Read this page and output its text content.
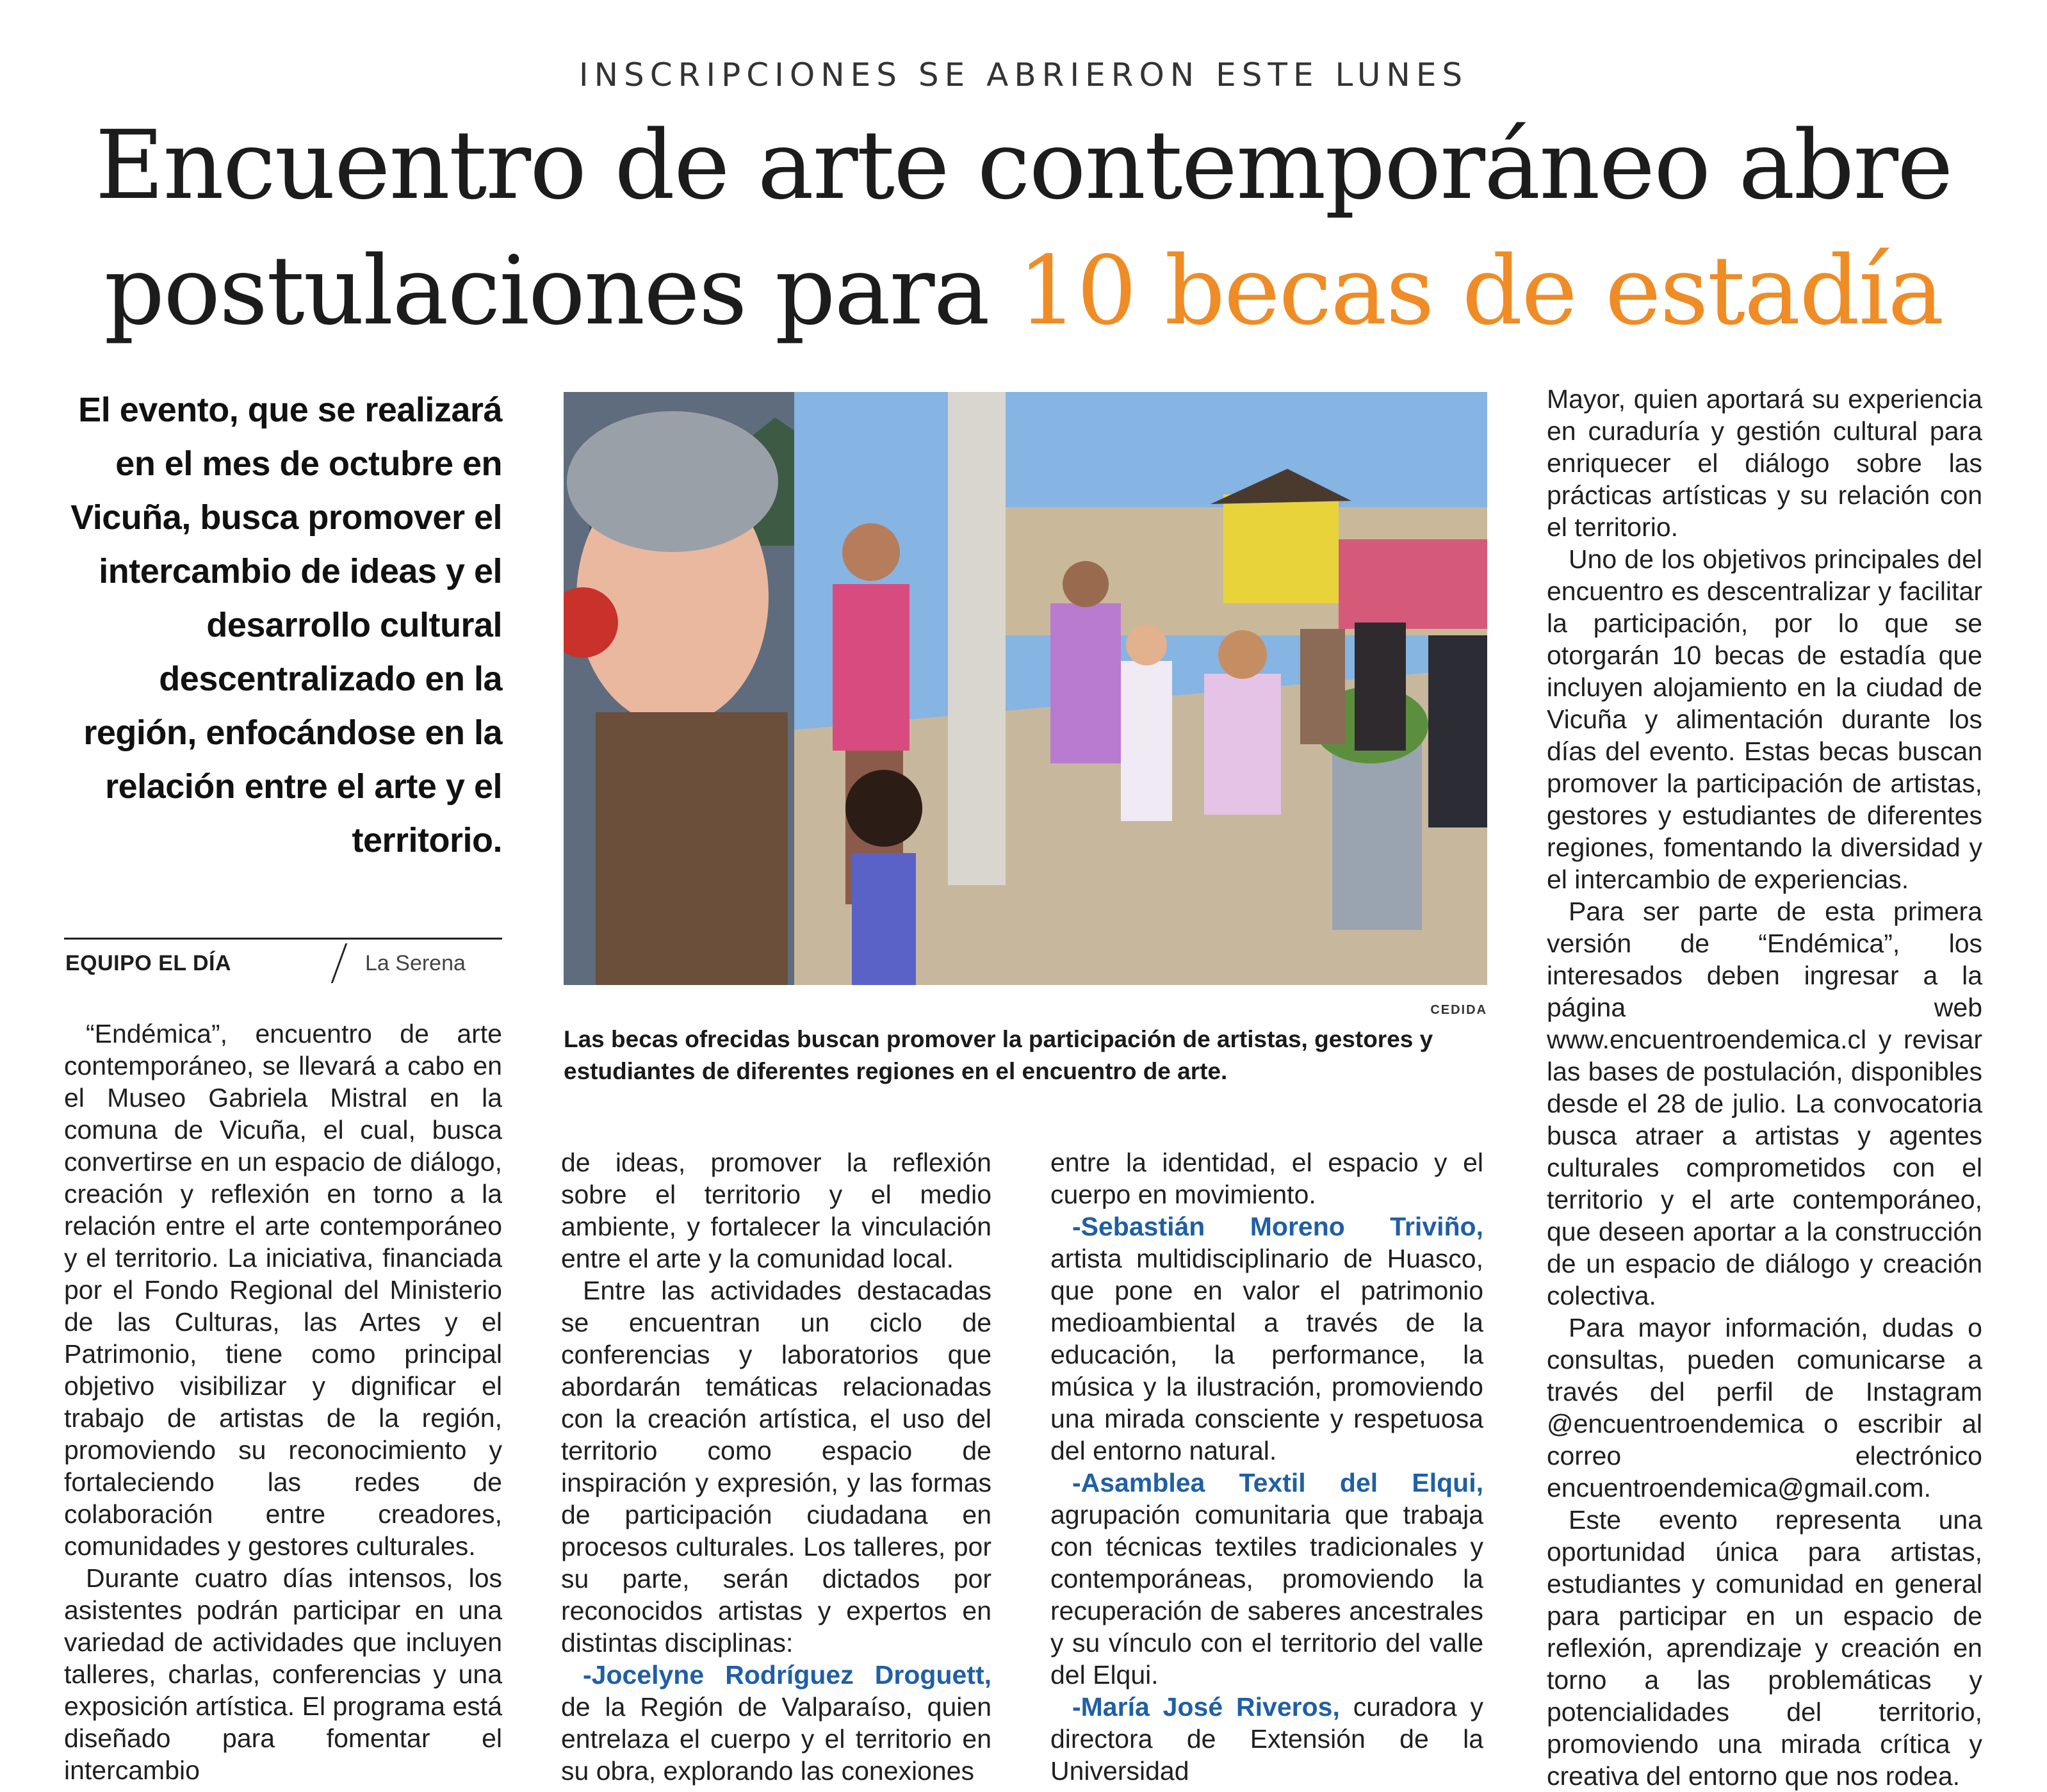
INSCRIPCIONES SE ABRIERON ESTE LUNES
Encuentro de arte contemporáneo abre
postulaciones para 10 becas de estadía
El evento, que se realizará en el mes de octubre en Vicuña, busca promover el intercambio de ideas y el desarrollo cultural descentralizado en la región, enfocándose en la relación entre el arte y el territorio.
EQUIPO EL DÍA	La Serena
CEDIDA
Las becas ofrecidas buscan promover la participación de artistas, gestores y estudiantes de diferentes regiones en el encuentro de arte.

“Endémica”, encuentro de arte contemporáneo, se llevará a cabo en el Museo Gabriela Mistral en la comuna de Vicuña, el cual, busca convertirse en un espacio de diálogo, creación y reflexión en torno a la relación entre el arte contemporáneo y el territorio. La iniciativa, financiada por el Fondo Regional del Ministerio de las Culturas, las Artes y el Patrimonio, tiene como principal objetivo visibilizar y dignificar el trabajo de artistas de la región, promoviendo su reconocimiento y fortaleciendo las redes de colaboración entre creadores, comunidades y gestores culturales.

Durante cuatro días intensos, los asistentes podrán participar en una variedad de actividades que incluyen talleres, charlas, conferencias y una exposición artística. El programa está diseñado para fomentar el intercambio

de ideas, promover la reflexión sobre el territorio y el medio ambiente, y fortalecer la vinculación entre el arte y la comunidad local.

Entre las actividades destacadas se encuentran un ciclo de conferencias y laboratorios que abordarán temáticas relacionadas con la creación artística, el uso del territorio como espacio de inspiración y expresión, y las formas de participación ciudadana en procesos culturales. Los talleres, por su parte, serán dictados por reconocidos artistas y expertos en distintas disciplinas:

-Jocelyne Rodríguez Droguett, de la Región de Valparaíso, quien entrelaza el cuerpo y el territorio en su obra, explorando las conexiones

entre la identidad, el espacio y el cuerpo en movimiento.

-Sebastián Moreno Triviño, artista multidisciplinario de Huasco, que pone en valor el patrimonio medioambiental a través de la educación, la performance, la música y la ilustración, promoviendo una mirada consciente y respetuosa del entorno natural.

-Asamblea Textil del Elqui, agrupación comunitaria que trabaja con técnicas textiles tradicionales y contemporáneas, promoviendo la recuperación de saberes ancestrales y su vínculo con el territorio del valle del Elqui.

-María José Riveros, curadora y directora de Extensión de la Universidad

Mayor, quien aportará su experiencia en curaduría y gestión cultural para enriquecer el diálogo sobre las prácticas artísticas y su relación con el territorio.

Uno de los objetivos principales del encuentro es descentralizar y facilitar la participación, por lo que se otorgarán 10 becas de estadía que incluyen alojamiento en la ciudad de Vicuña y alimentación durante los días del evento. Estas becas buscan promover la participación de artistas, gestores y estudiantes de diferentes regiones, fomentando la diversidad y el intercambio de experiencias.

Para ser parte de esta primera versión de “Endémica”, los interesados deben ingresar a la página web www.encuentroendemica.cl y revisar las bases de postulación, disponibles desde el 28 de julio. La convocatoria busca atraer a artistas y agentes culturales comprometidos con el territorio y el arte contemporáneo, que deseen aportar a la construcción de un espacio de diálogo y creación colectiva.

Para mayor información, dudas o consultas, pueden comunicarse a través del perfil de Instagram @encuentroendemica o escribir al correo electrónico encuentroendemica@gmail.com.

Este evento representa una oportunidad única para artistas, estudiantes y comunidad en general para participar en un espacio de reflexión, aprendizaje y creación en torno a las problemáticas y potencialidades del territorio, promoviendo una mirada crítica y creativa del entorno que nos rodea.
